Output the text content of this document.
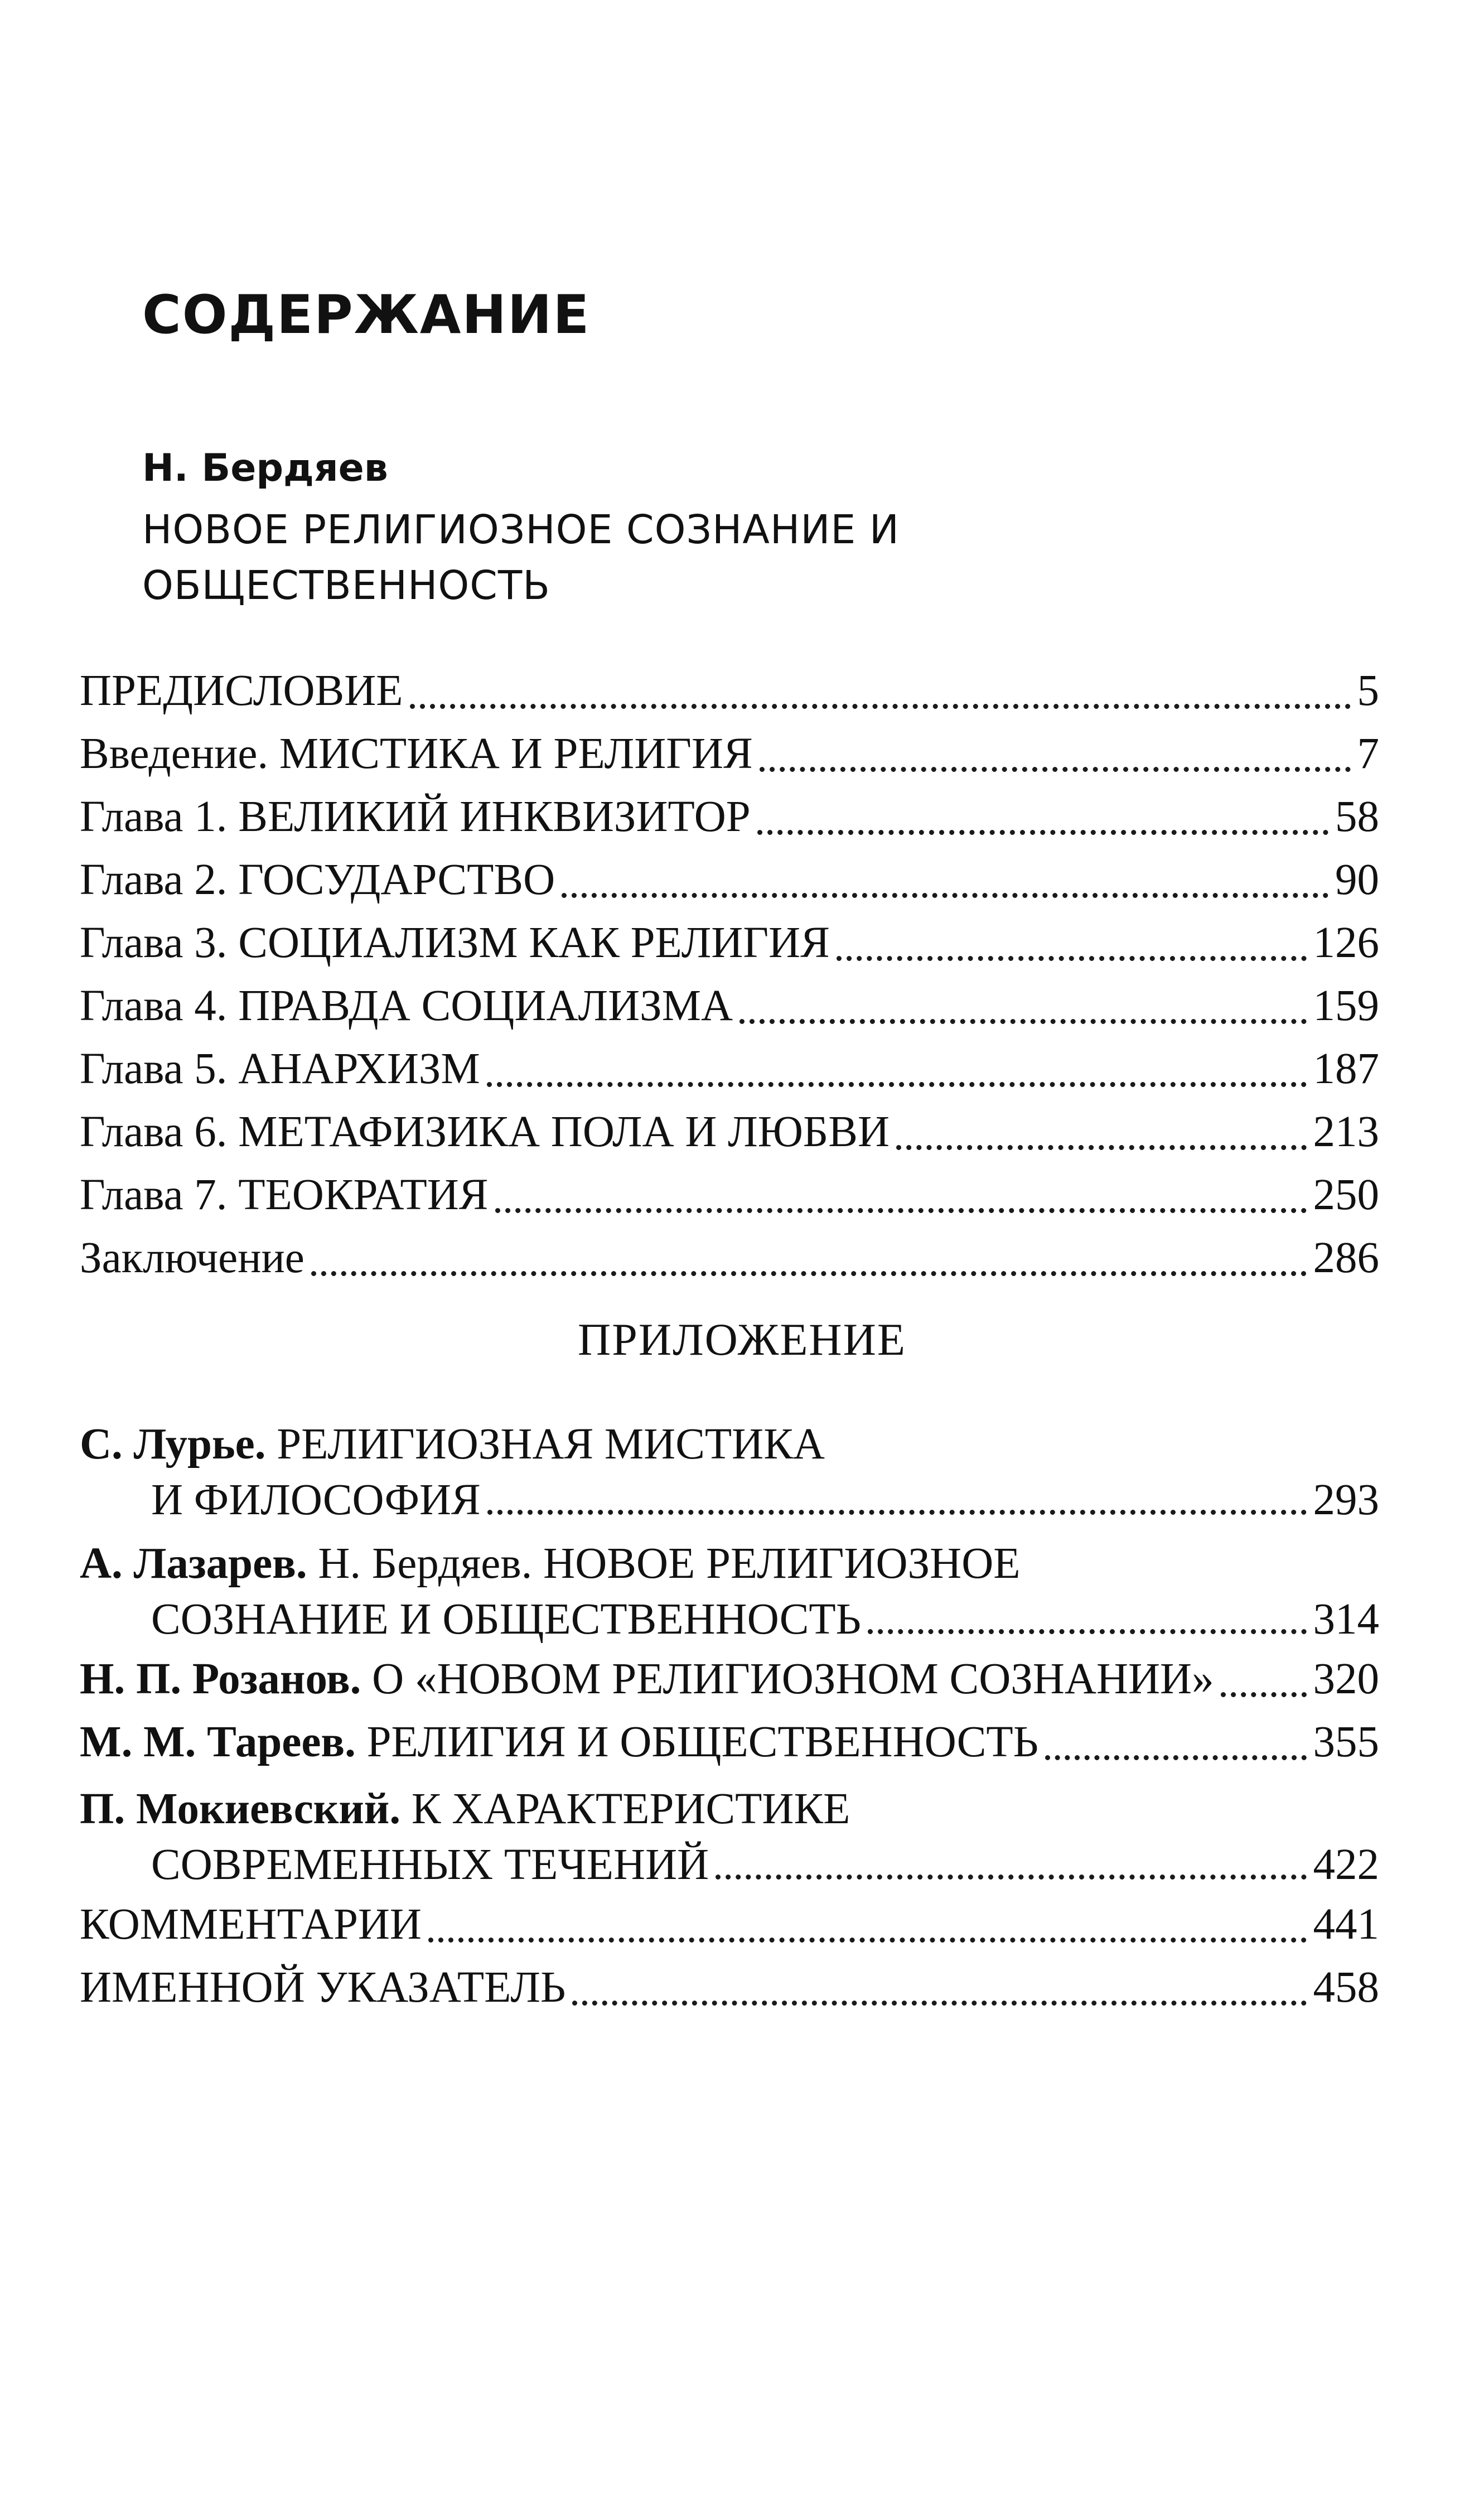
СОДЕРЖАНИЕ
Н. Бердяев
НОВОЕ РЕЛИГИОЗНОЕ СОЗНАНИЕ И
ОБЩЕСТВЕННОСТЬ
ПРЕДИСЛОВИЕ	5
Введение. МИСТИКА И РЕЛИГИЯ	7
Глава 1. ВЕЛИКИЙ ИНКВИЗИТОР	58
Глава 2. ГОСУДАРСТВО	90
Глава 3. СОЦИАЛИЗМ КАК РЕЛИГИЯ	126
Глава 4. ПРАВДА СОЦИАЛИЗМА	159
Глава 5. АНАРХИЗМ	187
Глава 6. МЕТАФИЗИКА ПОЛА И ЛЮБВИ	213
Глава 7. ТЕОКРАТИЯ	250
Заключение	286
ПРИЛОЖЕНИЕ
С. Лурье. РЕЛИГИОЗНАЯ МИСТИКА
И ФИЛОСОФИЯ	293
А. Лазарев. Н. Бердяев. НОВОЕ РЕЛИГИОЗНОЕ
СОЗНАНИЕ И ОБЩЕСТВЕННОСТЬ	314
Н. П. Розанов. О «НОВОМ РЕЛИГИОЗНОМ СОЗНАНИИ» 320
М. М. Тареев. РЕЛИГИЯ И ОБЩЕСТВЕННОСТЬ	355
П. Мокиевский. К ХАРАКТЕРИСТИКЕ
СОВРЕМЕННЫХ ТЕЧЕНИЙ	422
КОММЕНТАРИИ	441
ИМЕННОЙ УКАЗАТЕЛЬ	458
